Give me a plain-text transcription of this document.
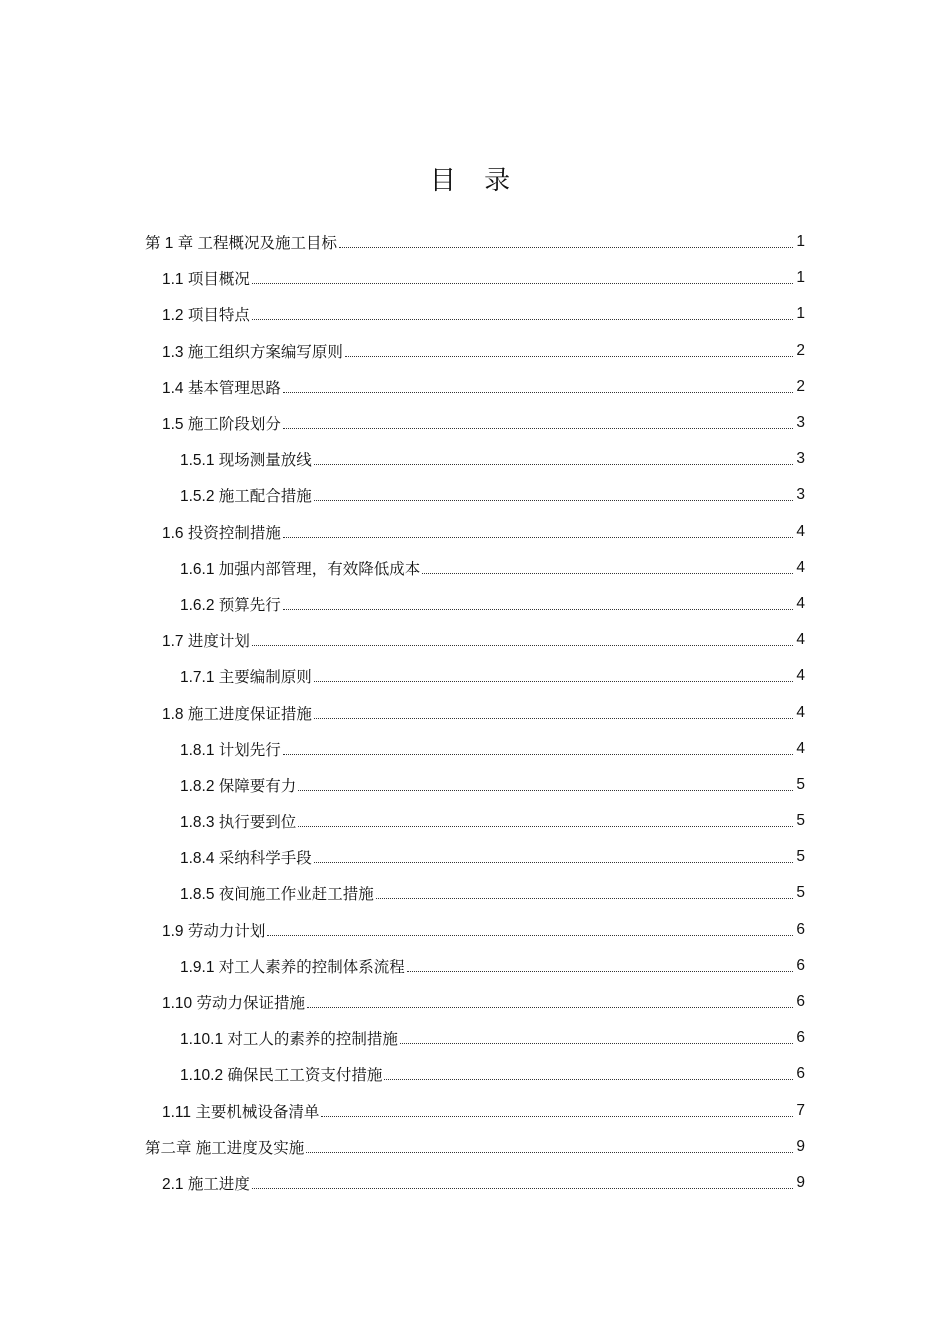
目 录
第 1 章 工程概况及施工目标	1
1.1 项目概况	1
1.2 项目特点	1
1.3 施工组织方案编写原则	2
1.4 基本管理思路	2
1.5 施工阶段划分	3
1.5.1 现场测量放线	3
1.5.2 施工配合措施	3
1.6 投资控制措施	4
1.6.1 加强内部管理，有效降低成本	4
1.6.2 预算先行	4
1.7 进度计划	4
1.7.1 主要编制原则	4
1.8 施工进度保证措施	4
1.8.1 计划先行	4
1.8.2 保障要有力	5
1.8.3 执行要到位	5
1.8.4 采纳科学手段	5
1.8.5 夜间施工作业赶工措施	5
1.9 劳动力计划	6
1.9.1 对工人素养的控制体系流程	6
1.10 劳动力保证措施	6
1.10.1 对工人的素养的控制措施	6
1.10.2 确保民工工资支付措施	6
1.11 主要机械设备清单	7
第二章 施工进度及实施	9
2.1 施工进度	9
